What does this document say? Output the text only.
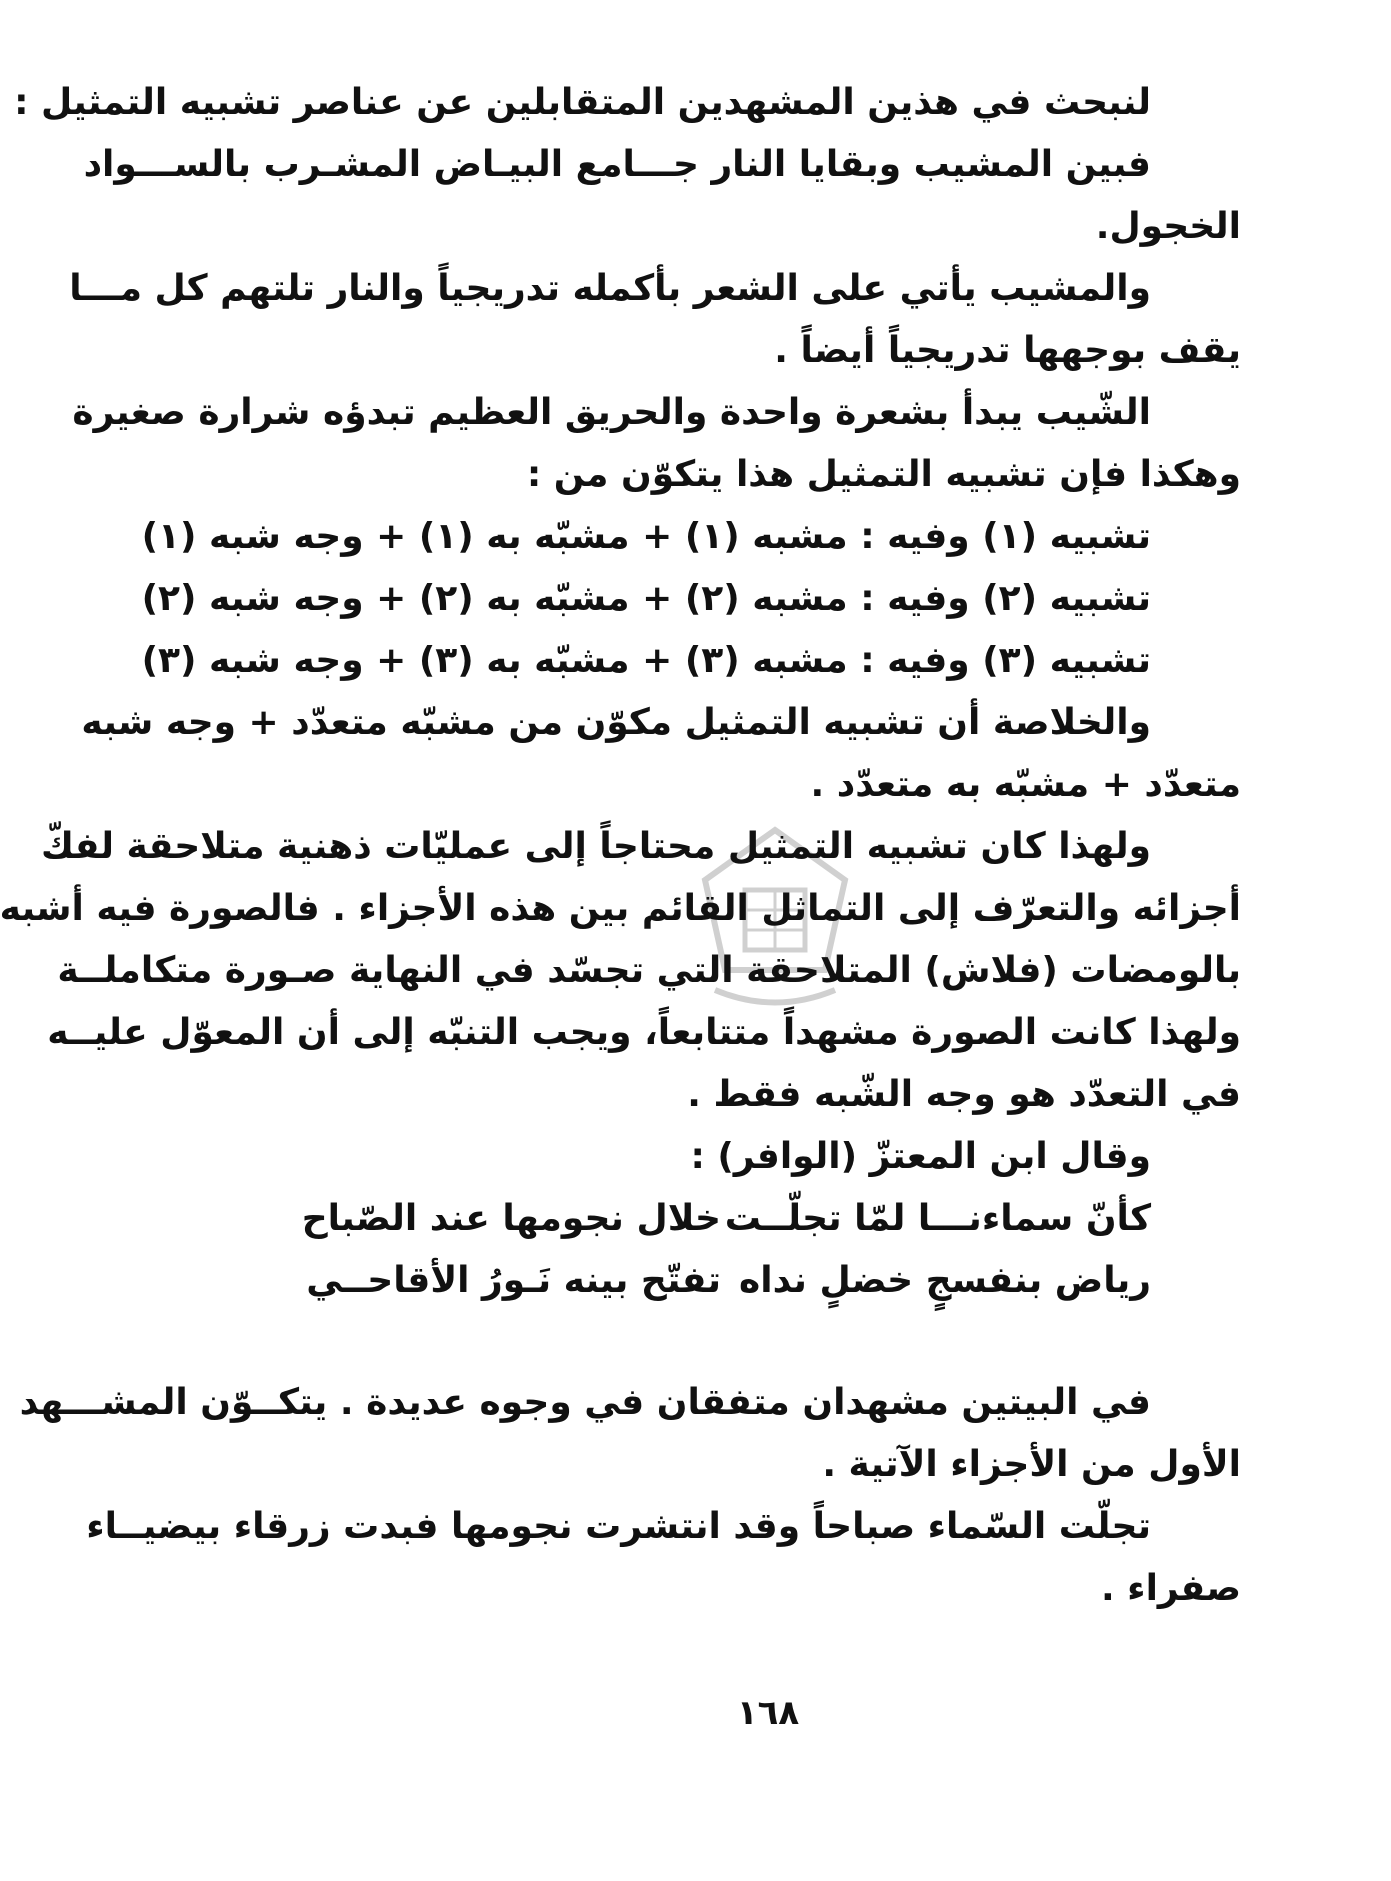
لنبحث في هذين المشهدين المتقابلين عن عناصر تشبيه التمثيل :
فبين المشيب وبقايا النار جـــامع البيـاض المشـرب بالســـواد
الخجول.
والمشيب يأتي على الشعر بأكمله تدريجياً والنار تلتهم كل مـــا
يقف بوجهها تدريجياً أيضاً .
الشّيب يبدأ بشعرة واحدة والحريق العظيم تبدؤه شرارة صغيرة
وهكذا فإن تشبيه التمثيل هذا يتكوّن من :
تشبيه (١) وفيه : مشبه (١) + مشبّه به (١) + وجه شبه (١)
تشبيه (٢) وفيه : مشبه (٢) + مشبّه به (٢) + وجه شبه (٢)
تشبيه (٣) وفيه : مشبه (٣) + مشبّه به (٣) + وجه شبه (٣)
والخلاصة أن تشبيه التمثيل مكوّن من مشبّه متعدّد + وجه شبه
متعدّد + مشبّه به متعدّد .
ولهذا كان تشبيه التمثيل محتاجاً إلى عمليّات ذهنية متلاحقة لفكّ
أجزائه والتعرّف إلى التماثل القائم بين هذه الأجزاء . فالصورة فيه أشبه
بالومضات (فلاش) المتلاحقة التي تجسّد في النهاية صـورة متكاملــة
ولهذا كانت الصورة مشهداً متتابعاً، ويجب التنبّه إلى أن المعوّل عليــه
في التعدّد هو وجه الشّبه فقط .
وقال ابن المعتزّ (الوافر) :
كأنّ سماءنـــا لمّا تجلّــت
خلال نجومها عند الصّباح
رياض بنفسجٍ خضلٍ نداه
تفتّح بينه نَـورُ الأقاحــي
في البيتين مشهدان متفقان في وجوه عديدة . يتكــوّن المشـــهد
الأول من الأجزاء الآتية .
تجلّت السّماء صباحاً وقد انتشرت نجومها فبدت زرقاء بيضيــاء
صفراء .
١٦٨
